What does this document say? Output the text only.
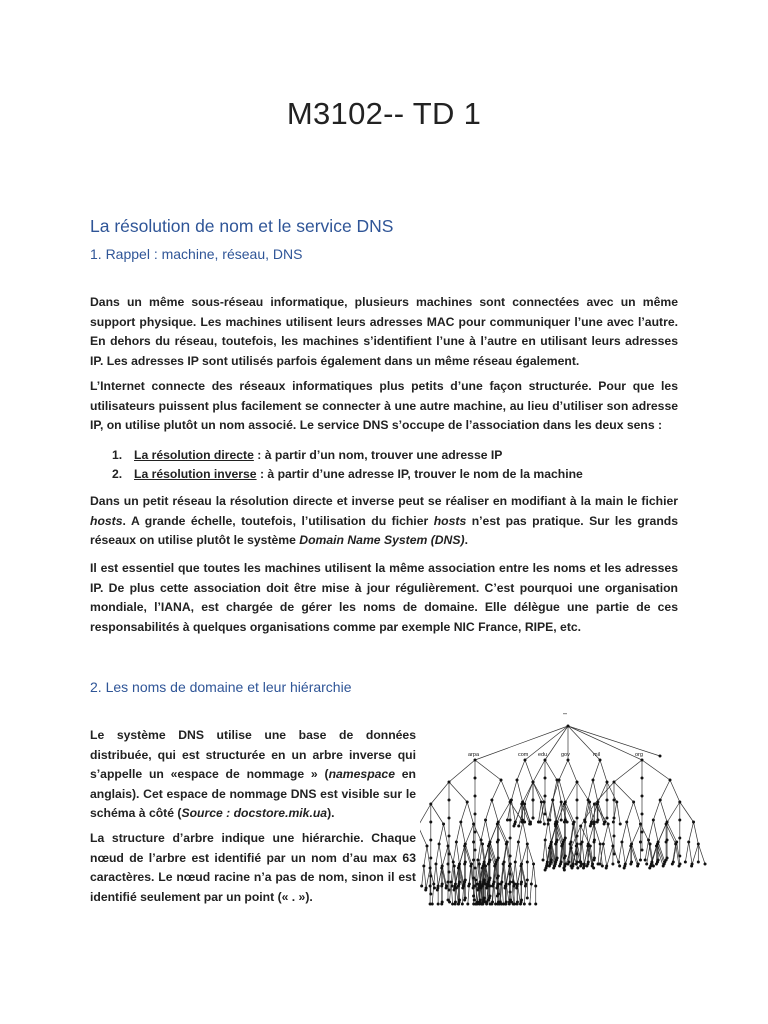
M3102-- TD 1
La résolution de nom et le service DNS
1. Rappel : machine, réseau, DNS
Dans un même sous-réseau informatique, plusieurs machines sont connectées avec un même support physique. Les machines utilisent leurs adresses MAC pour communiquer l’une avec l’autre. En dehors du réseau, toutefois, les machines s’identifient l’une à l’autre en utilisant leurs adresses IP. Les adresses IP sont utilisés parfois également dans un même réseau également.
L’Internet connecte des réseaux informatiques plus petits d’une façon structurée. Pour que les utilisateurs puissent plus facilement se connecter à une autre machine, au lieu d’utiliser son adresse IP, on utilise plutôt un nom associé. Le service DNS s’occupe de l’association dans les deux sens :
1. La résolution directe : à partir d’un nom, trouver une adresse IP
2. La résolution inverse : à partir d’une adresse IP, trouver le nom de la machine
Dans un petit réseau la résolution directe et inverse peut se réaliser en modifiant à la main le fichier hosts. A grande échelle, toutefois, l’utilisation du fichier hosts n’est pas pratique. Sur les grands réseaux on utilise plutôt le système Domain Name System (DNS).
Il est essentiel que toutes les machines utilisent la même association entre les noms et les adresses IP. De plus cette association doit être mise à jour régulièrement. C’est pourquoi une organisation mondiale, l’IANA, est chargée de gérer les noms de domaine. Elle délègue une partie de ces responsabilités à quelques organisations comme par exemple NIC France, RIPE, etc.
2. Les noms de domaine et leur hiérarchie
Le système DNS utilise une base de données distribuée, qui est structurée en un arbre inverse qui s’appelle un «espace de nommage » (namespace en anglais). Cet espace de nommage DNS est visible sur le schéma à côté (Source : docstore.mik.ua).
La structure d’arbre indique une hiérarchie. Chaque nœud de l’arbre est identifié par un nom d’au max 63 caractères. Le nœud racine n’a pas de nom, sinon il est identifié seulement par un point (« . »).
""
arpa	com edu	gov	mil	org
